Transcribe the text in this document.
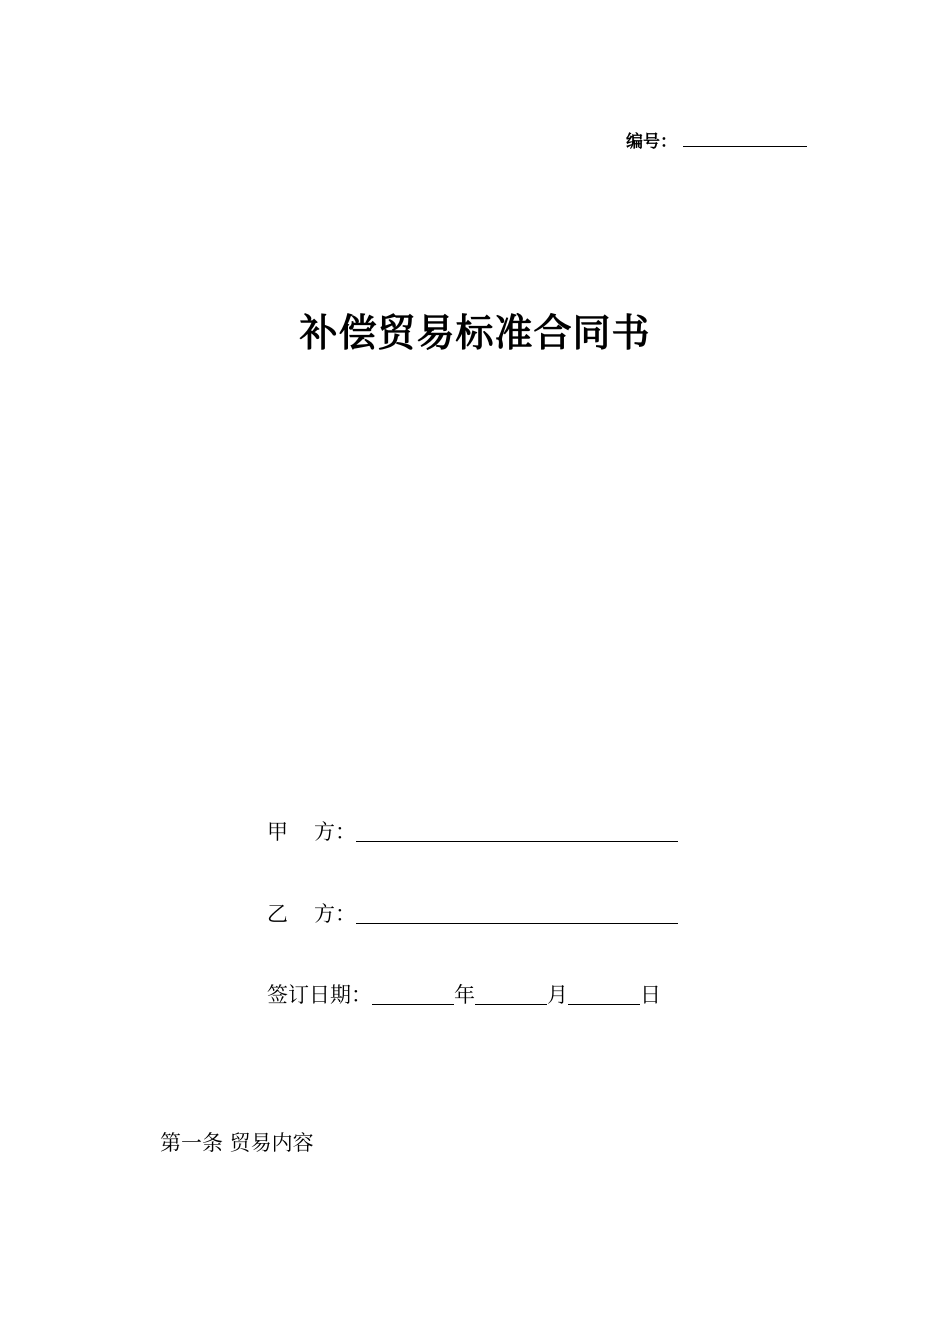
编号：
补偿贸易标准合同书
甲 方：
乙 方：
签订日期：	年	月	日
第一条 贸易内容
